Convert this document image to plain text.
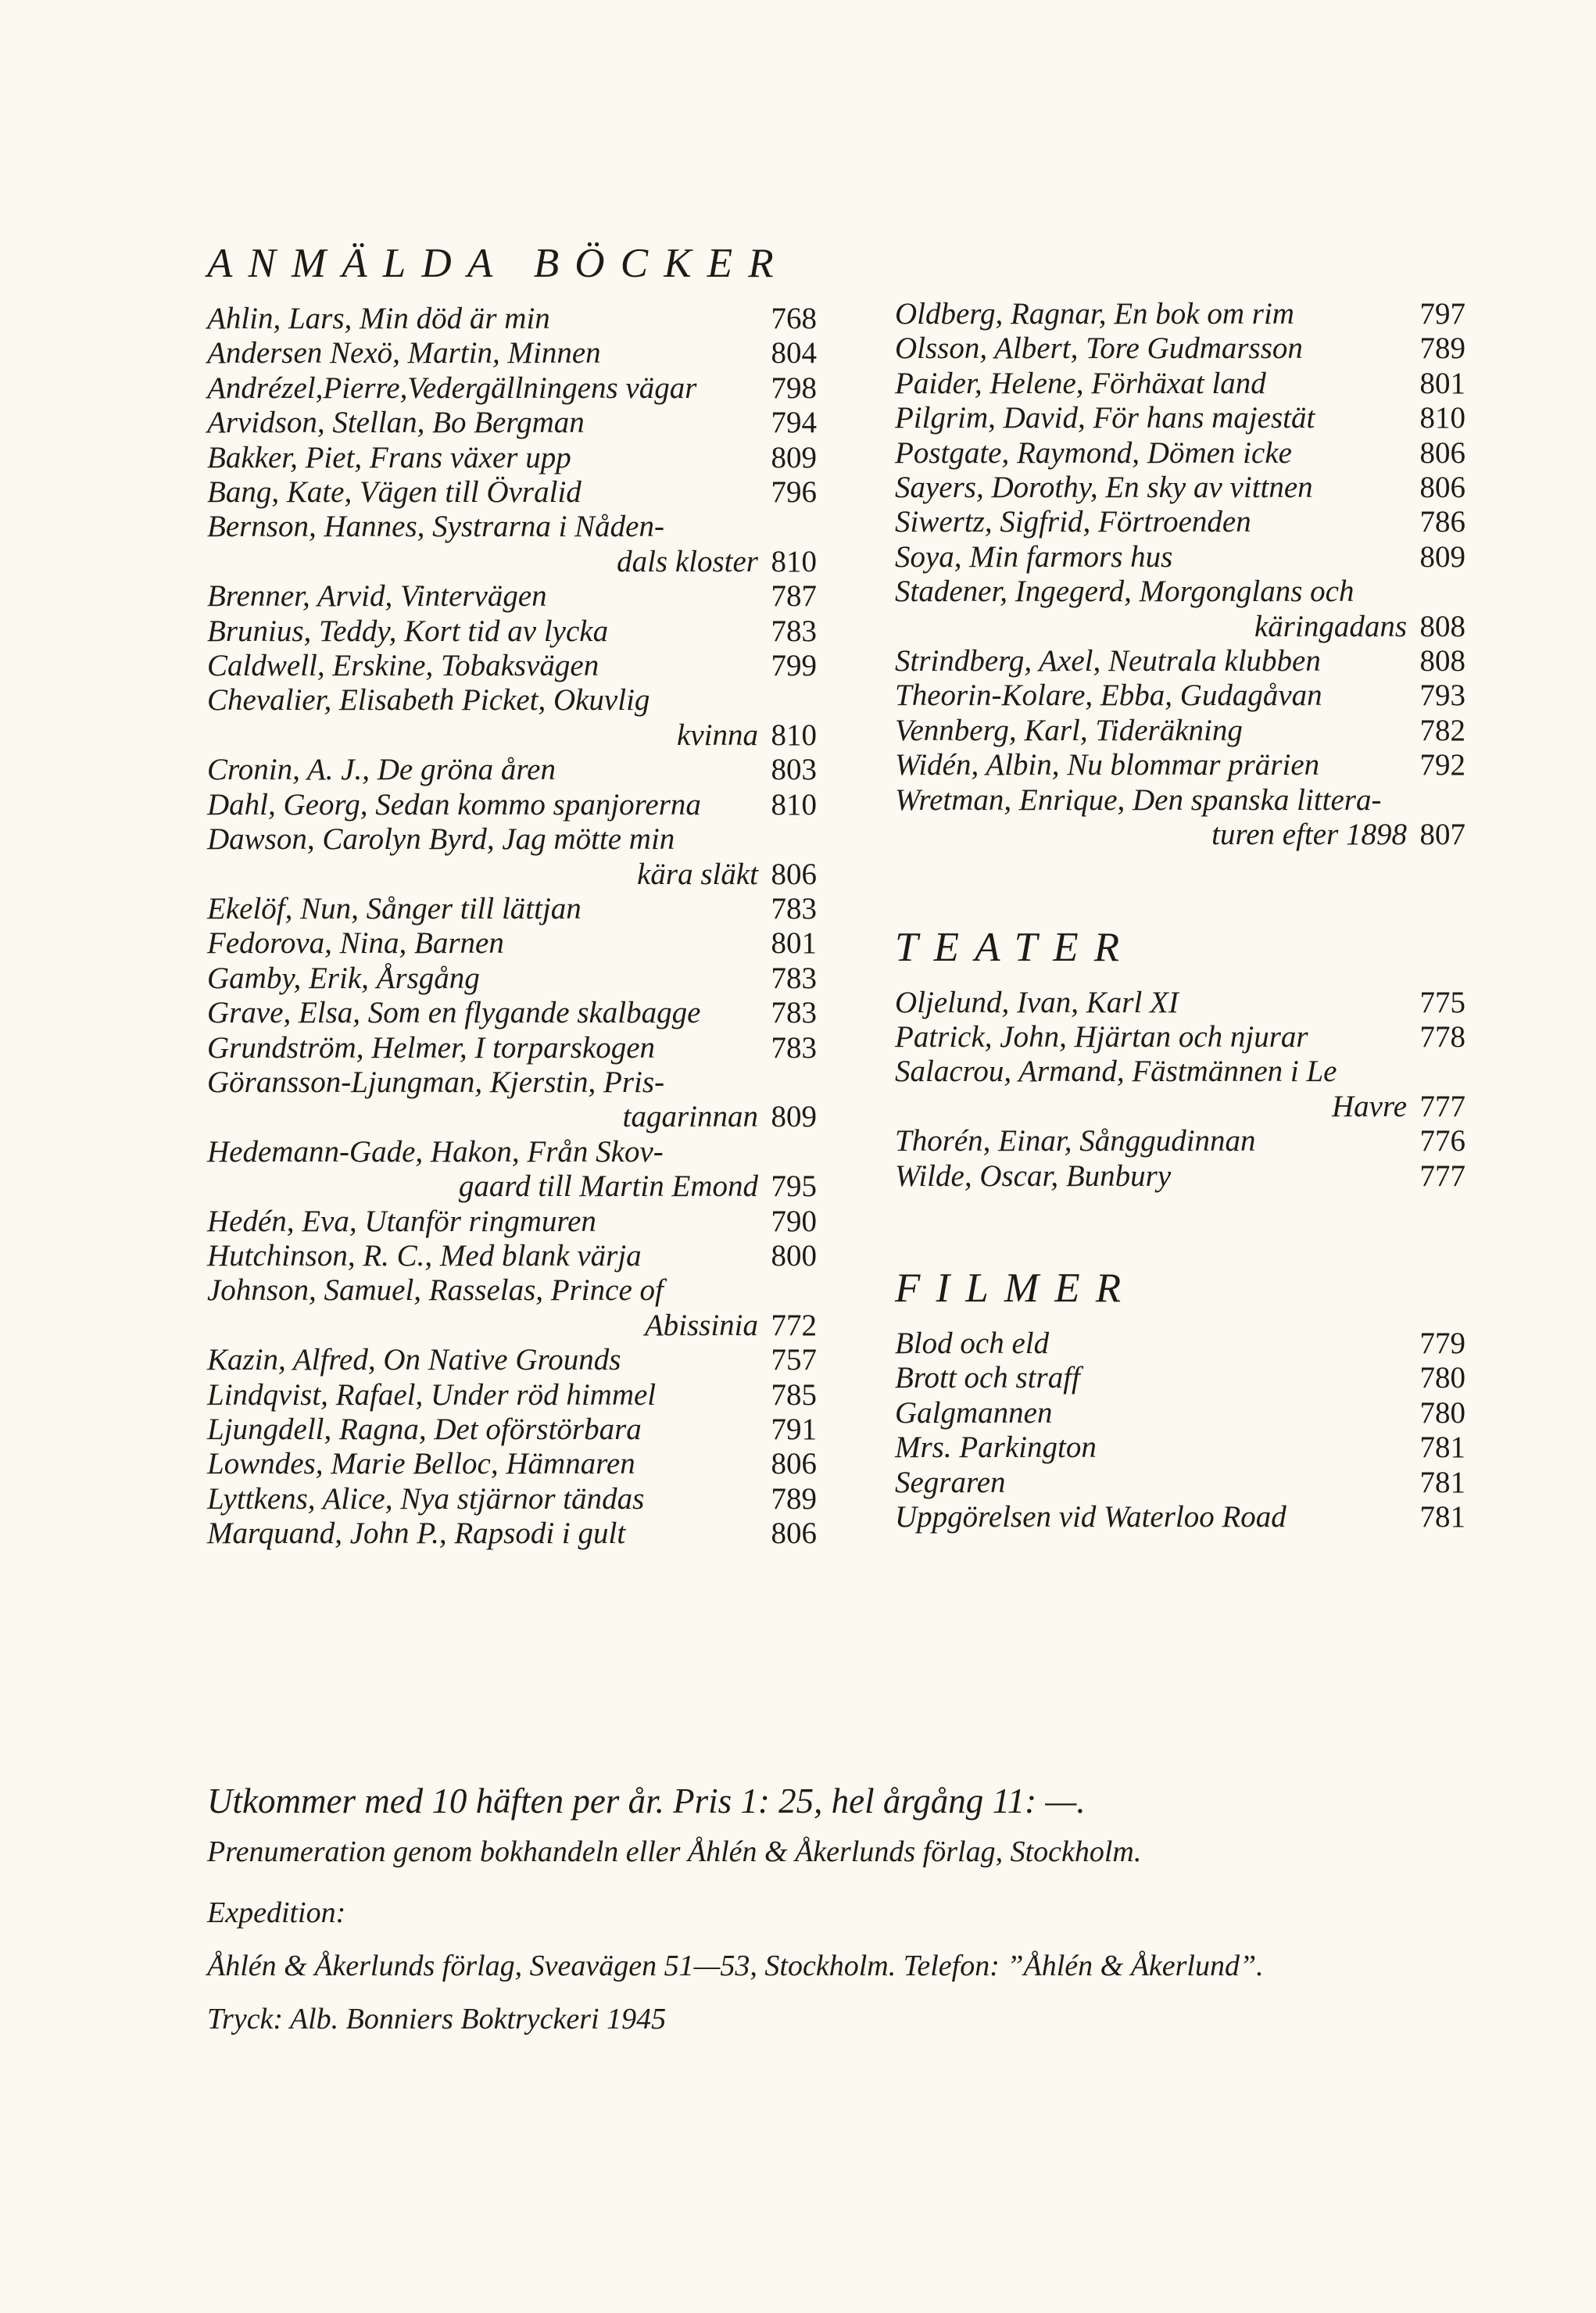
ANMÄLDA BÖCKER
Ahlin, Lars, Min död är min	768
Andersen Nexö, Martin, Minnen	804
Andrézel,Pierre,Vedergällningens vägar	798
Arvidson, Stellan, Bo Bergman	794
Bakker, Piet, Frans växer upp	809
Bang, Kate, Vägen till Övralid	796
Bernson, Hannes, Systrarna i Nåden-
dals kloster 810
Brenner, Arvid, Vintervägen	787
Brunius, Teddy, Kort tid av lycka	783
Caldwell, Erskine, Tobaksvägen	799
Chevalier, Elisabeth Picket, Okuvlig
kvinna 810
Cronin, A. J., De gröna åren	803
Dahl, Georg, Sedan kommo spanjorerna	810
Dawson, Carolyn Byrd, Jag mötte min
kära släkt 806
Ekelöf, Nun, Sånger till lättjan	783
Fedorova, Nina, Barnen	801
Gamby, Erik, Årsgång	783
Grave, Elsa, Som en flygande skalbagge	783
Grundström, Helmer, I torparskogen	783
Göransson-Ljungman, Kjerstin, Pris-
tagarinnan 809
Hedemann-Gade, Hakon, Från Skov-
gaard till Martin Emond 795
Hedén, Eva, Utanför ringmuren	790
Hutchinson, R. C., Med blank värja	800
Johnson, Samuel, Rasselas, Prince of
Abissinia 772
Kazin, Alfred, On Native Grounds	757
Lindqvist, Rafael, Under röd himmel	785
Ljungdell, Ragna, Det oförstörbara	791
Lowndes, Marie Belloc, Hämnaren	806
Lyttkens, Alice, Nya stjärnor tändas	789
Marquand, John P., Rapsodi i gult	806
Oldberg, Ragnar, En bok om rim	797
Olsson, Albert, Tore Gudmarsson	789
Paider, Helene, Förhäxat land	801
Pilgrim, David, För hans majestät	810
Postgate, Raymond, Dömen icke	806
Sayers, Dorothy, En sky av vittnen	806
Siwertz, Sigfrid, Förtroenden	786
Soya, Min farmors hus	809
Stadener, Ingegerd, Morgonglans och
käringadans 808
Strindberg, Axel, Neutrala klubben	808
Theorin-Kolare, Ebba, Gudagåvan	793
Vennberg, Karl, Tideräkning	782
Widén, Albin, Nu blommar prärien	792
Wretman, Enrique, Den spanska littera-
turen efter 1898 807
TEATER
Oljelund, Ivan, Karl XI	775
Patrick, John, Hjärtan och njurar	778
Salacrou, Armand, Fästmännen i Le
Havre 777
Thorén, Einar, Sånggudinnan	776
Wilde, Oscar, Bunbury	777
FILMER
Blod och eld	779
Brott och straff	780
Galgmannen	780
Mrs. Parkington	781
Segraren	781
Uppgörelsen vid Waterloo Road	781
Utkommer med 10 häften per år. Pris 1: 25, hel årgång 11: —.
Prenumeration genom bokhandeln eller Åhlén & Åkerlunds förlag, Stockholm.
Expedition:
Åhlén & Åkerlunds förlag, Sveavägen 51—53, Stockholm. Telefon: ”Åhlén & Åkerlund”.
Tryck: Alb. Bonniers Boktryckeri 1945
